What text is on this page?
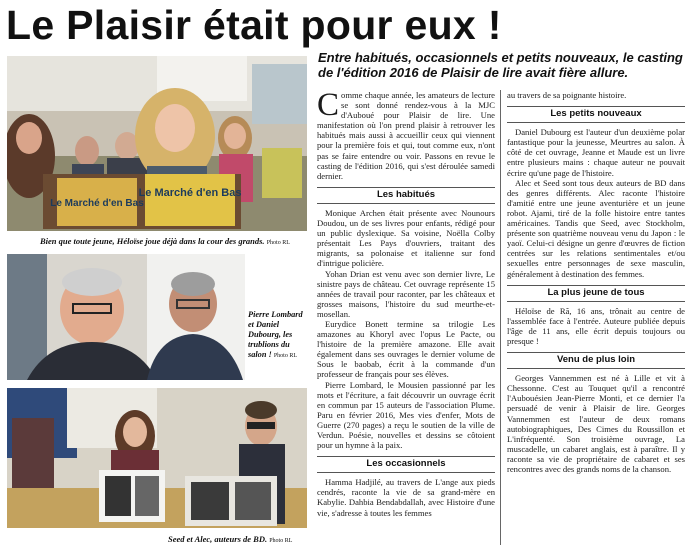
Le Plaisir était pour eux !
Le Marché d'en Bas
Le Marché d'en Bas
Bien que toute jeune, Héloïse joue déjà dans la cour des grands. Photo RL
Pierre Lombard et Daniel Dubourg, les trublions du salon ! Photo RL
Seed et Alec, auteurs de BD. Photo RL
Entre habitués, occasionnels et petits nouveaux, le casting de l'édition 2016 de Plaisir de lire avait fière allure.

Comme chaque année, les amateurs de lecture se sont donné rendez-vous à la MJC d'Auboué pour Plaisir de lire. Une manifestation où l'on prend plaisir à retrouver les habitués mais aussi à accueillir ceux qui viennent pour la première fois et qui, tout comme eux, n'ont pas se faire entendre ou voir. Passons en revue le casting de l'édition 2016, qui s'est déroulée samedi dernier.

Les habitués

Monique Archen était présente avec Nounours Doudou, un de ses livres pour enfants, rédigé pour un public dyslexique. Sa voisine, Noëlla Colby présentait Les Pays d'ouvriers, traitant des migrants, sa polonaise et italienne sur fond d'intrigue policière.

Yohan Drian est venu avec son dernier livre, Le sinistre pays de château. Cet ouvrage représente 15 années de travail pour raconter, par les châteaux et grosses maisons, l'histoire du sud meurthe-et-mosellan.

Eurydice Bonett termine sa trilogie Les amazones au Khoryl avec l'opus Le Pacte, ou l'histoire de la première amazone. Elle avait également dans ses ouvrages le dernier volume de Sous le baobab, écrit à la commande d'un professeur de français pour ses élèves.

Pierre Lombard, le Mousien passionné par les mots et l'écriture, a fait découvrir un ouvrage écrit en commun par 15 auteurs de l'association Plume. Paru en février 2016, Mes vies d'enfer, Mots de Guerre (270 pages) a reçu le soutien de la ville de Verdun. Poésie, nouvelles et dessins se côtoient pour un hymne à la paix.

Les occasionnels

Hamma Hadjilé, au travers de L'ange aux pieds cendrés, raconte la vie de sa grand-mère en Kabylie. Dahbia Bendabdallah, avec Histoire d'une vie, s'adresse à toutes les femmes

au travers de sa poignante histoire.

Les petits nouveaux

Daniel Dubourg est l'auteur d'un deuxième polar fantastique pour la jeunesse, Meurtres au salon. À côté de cet ouvrage, Jeanne et Maude est un livre entre plusieurs mains : chaque auteur ne pouvait écrire qu'une page de l'histoire.

Alec et Seed sont tous deux auteurs de BD dans des genres différents. Alec raconte l'histoire d'amitié entre une jeune aventurière et un jeune robot. Ajami, tiré de la folle histoire entre tantes américaines. Tandis que Seed, avec Stockholm, présente son quatrième nouveau venu du Japon : le yaoï. Celui-ci désigne un genre d'œuvres de fiction centrées sur les relations sentimentales et/ou sexuelles entre personnages de sexe masculin, généralement à destination des femmes.

La plus jeune de tous

Héloïse de Rã, 16 ans, trônait au centre de l'assemblée face à l'entrée. Auteure publiée depuis l'âge de 11 ans, elle écrit depuis toujours ou presque !

Venu de plus loin

Georges Vannemmen est né à Lille et vit à Chessonne. C'est au Touquet qu'il a rencontré l'Aubouésien Jean-Pierre Monti, et ce dernier l'a persuadé de venir à Plaisir de lire. Georges Vannemmen est l'auteur de deux romans autobiographiques, Des Cimes du Roussillon et L'infréquenté. Son troisième ouvrage, La muscadelle, un cabaret anglais, est à paraître. Il y raconte sa vie de propriétaire de cabaret et ses rencontres avec des grands noms de la chanson.
